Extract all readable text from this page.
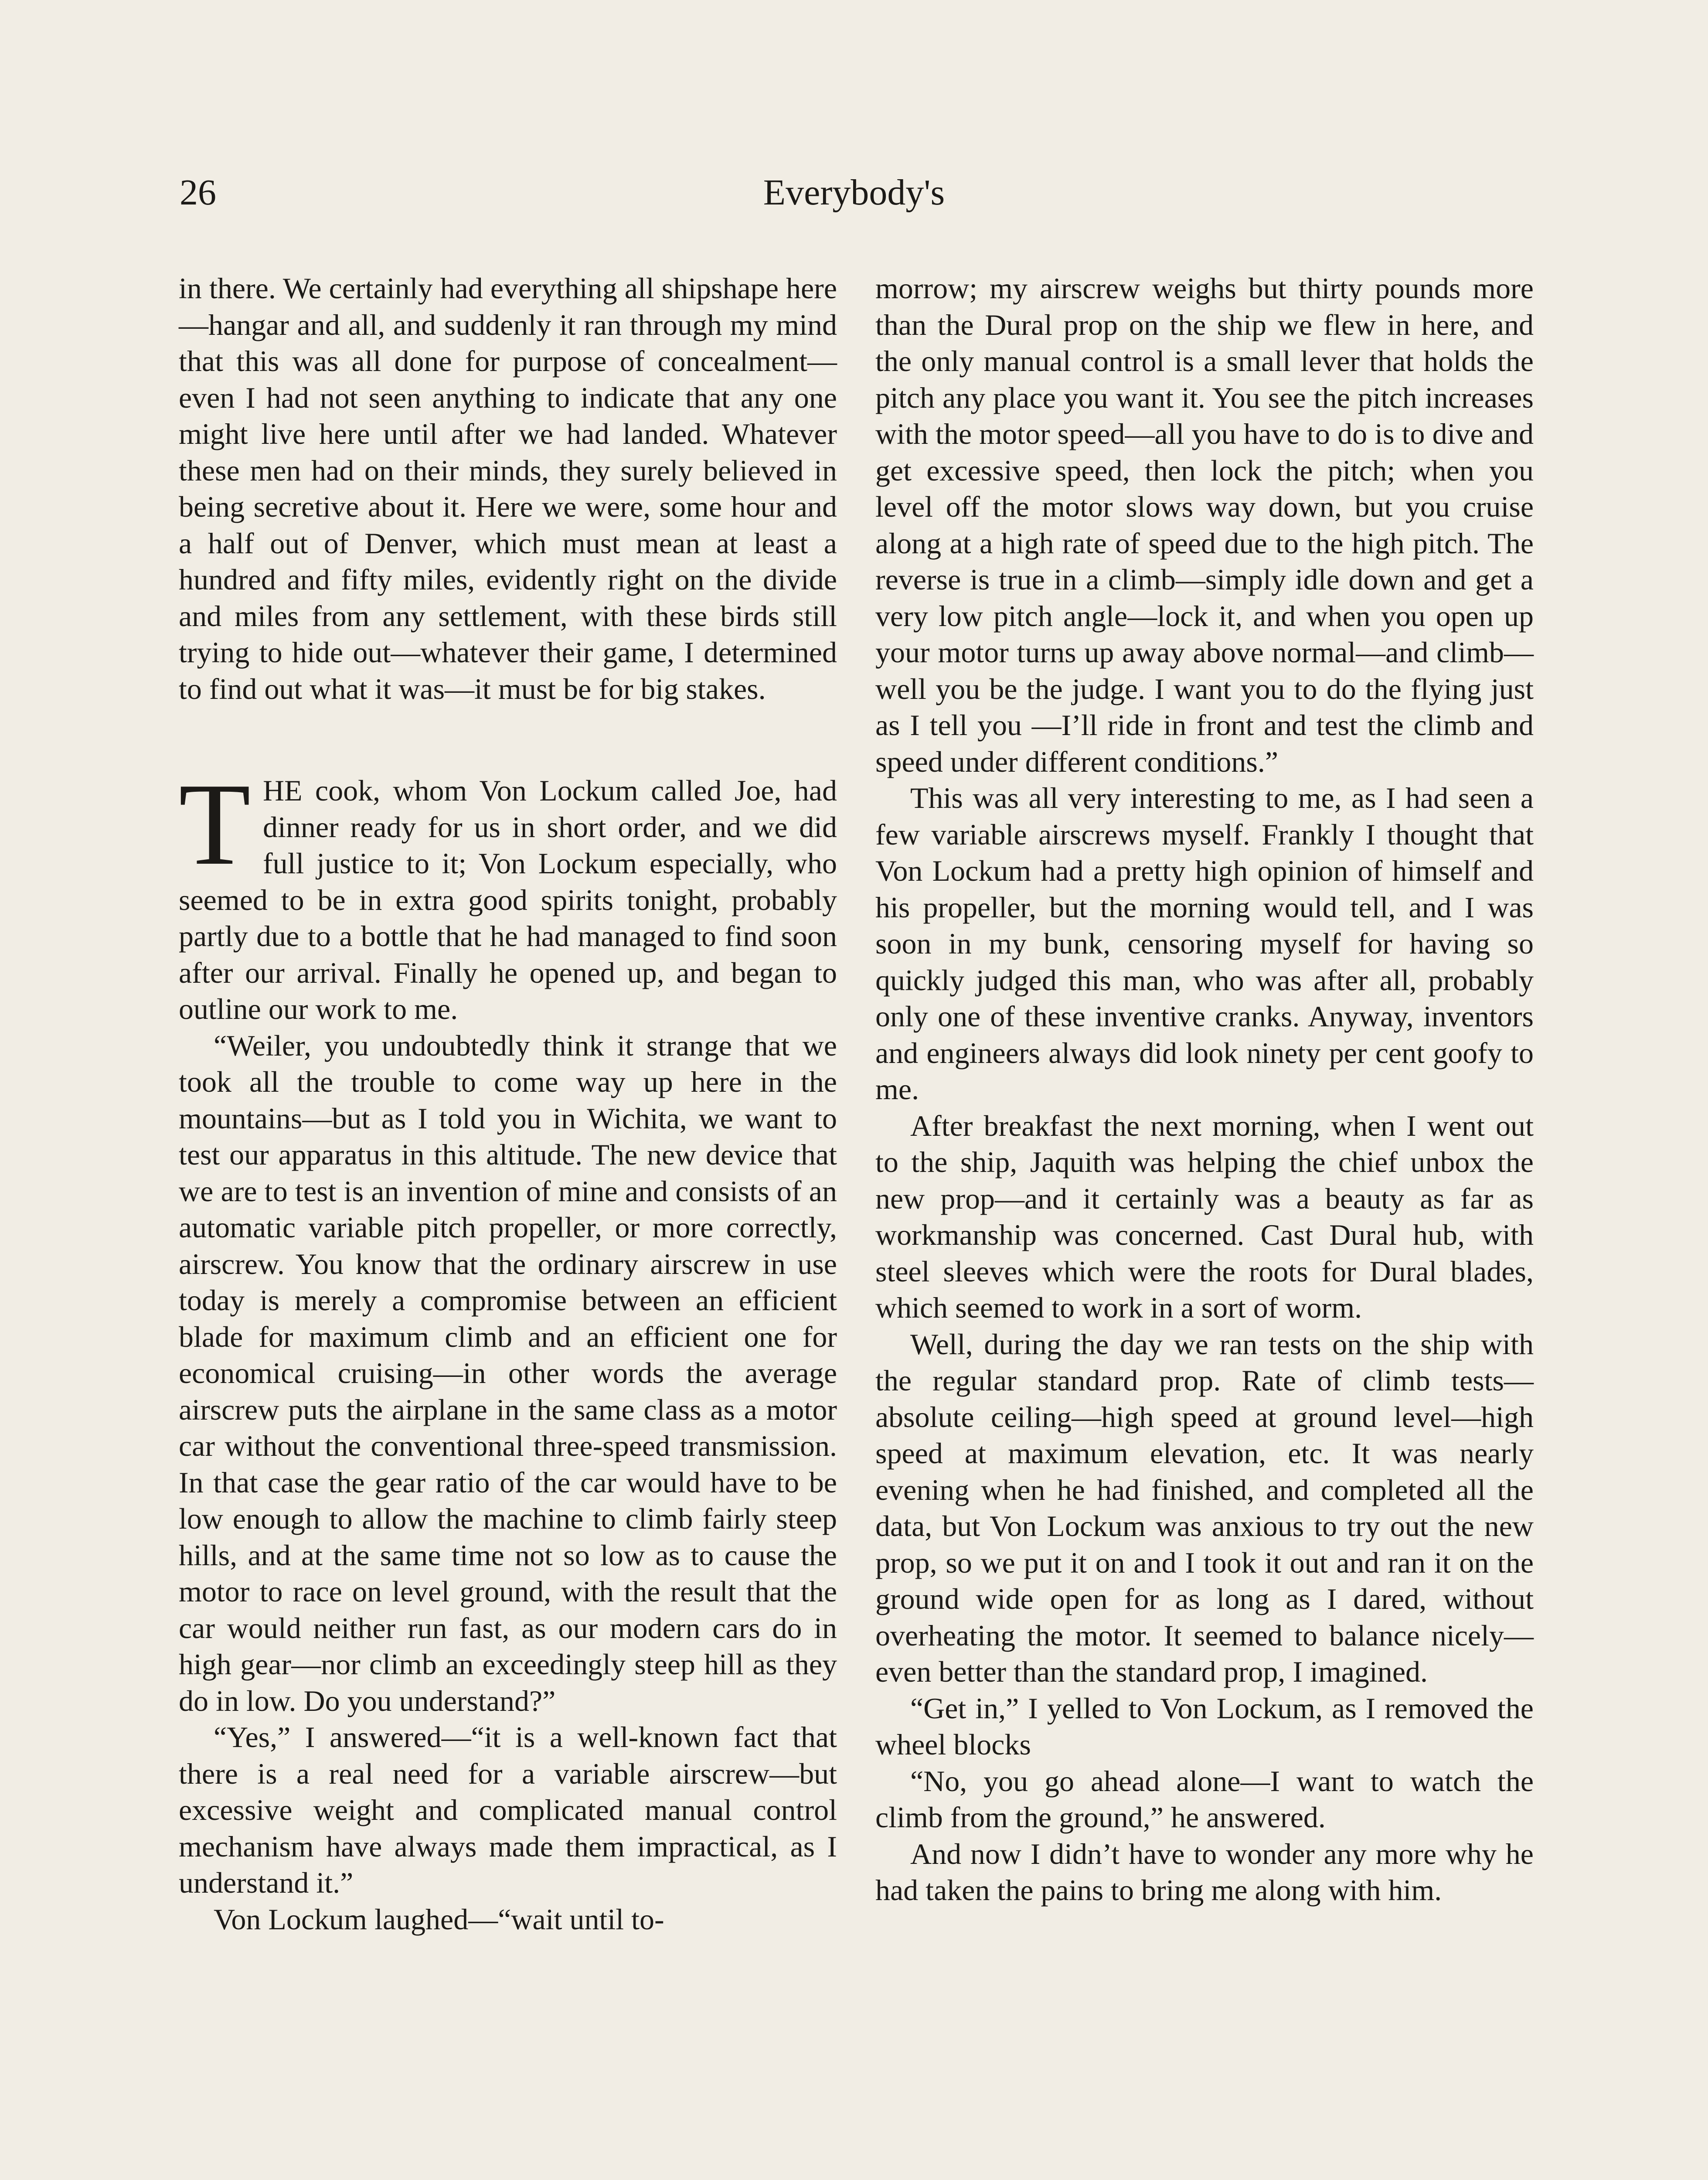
26	Everybody's

in there. We certainly had everything all shipshape here—hangar and all, and suddenly it ran through my mind that this was all done for purpose of concealment—even I had not seen anything to indicate that any one might live here until after we had landed. Whatever these men had on their minds, they surely believed in being secretive about it. Here we were, some hour and a half out of Denver, which must mean at least a hundred and fifty miles, evidently right on the divide and miles from any settlement, with these birds still trying to hide out—whatever their game, I determined to find out what it was—it must be for big stakes.

THE cook, whom Von Lockum called Joe, had dinner ready for us in short order, and we did full justice to it; Von Lockum especially, who seemed to be in extra good spirits tonight, probably partly due to a bottle that he had managed to find soon after our arrival. Finally he opened up, and began to outline our work to me.

“Weiler, you undoubtedly think it strange that we took all the trouble to come way up here in the mountains—but as I told you in Wichita, we want to test our apparatus in this altitude. The new device that we are to test is an invention of mine and consists of an automatic variable pitch propeller, or more correctly, airscrew. You know that the ordinary airscrew in use today is merely a compromise between an efficient blade for maximum climb and an efficient one for economical cruising—in other words the average airscrew puts the airplane in the same class as a motor car without the conventional three-speed transmission. In that case the gear ratio of the car would have to be low enough to allow the machine to climb fairly steep hills, and at the same time not so low as to cause the motor to race on level ground, with the result that the car would neither run fast, as our modern cars do in high gear—nor climb an exceedingly steep hill as they do in low. Do you understand?”

“Yes,” I answered—“it is a well-known fact that there is a real need for a variable airscrew—but excessive weight and complicated manual control mechanism have always made them impractical, as I understand it.”

Von Lockum laughed—“wait until to-

morrow; my airscrew weighs but thirty pounds more than the Dural prop on the ship we flew in here, and the only manual control is a small lever that holds the pitch any place you want it. You see the pitch increases with the motor speed—all you have to do is to dive and get excessive speed, then lock the pitch; when you level off the motor slows way down, but you cruise along at a high rate of speed due to the high pitch. The reverse is true in a climb—simply idle down and get a very low pitch angle—lock it, and when you open up your motor turns up away above normal—and climb—well you be the judge. I want you to do the flying just as I tell you —I’ll ride in front and test the climb and speed under different conditions.”

This was all very interesting to me, as I had seen a few variable airscrews myself. Frankly I thought that Von Lockum had a pretty high opinion of himself and his propeller, but the morning would tell, and I was soon in my bunk, censoring myself for having so quickly judged this man, who was after all, probably only one of these inventive cranks. Anyway, inventors and engineers always did look ninety per cent goofy to me.

After breakfast the next morning, when I went out to the ship, Jaquith was helping the chief unbox the new prop—and it certainly was a beauty as far as workmanship was concerned. Cast Dural hub, with steel sleeves which were the roots for Dural blades, which seemed to work in a sort of worm.

Well, during the day we ran tests on the ship with the regular standard prop. Rate of climb tests—absolute ceiling—high speed at ground level—high speed at maximum elevation, etc. It was nearly evening when he had finished, and completed all the data, but Von Lockum was anxious to try out the new prop, so we put it on and I took it out and ran it on the ground wide open for as long as I dared, without overheating the motor. It seemed to balance nicely—even better than the standard prop, I imagined.

“Get in,” I yelled to Von Lockum, as I removed the wheel blocks

“No, you go ahead alone—I want to watch the climb from the ground,” he answered.

And now I didn’t have to wonder any more why he had taken the pains to bring me along with him.
